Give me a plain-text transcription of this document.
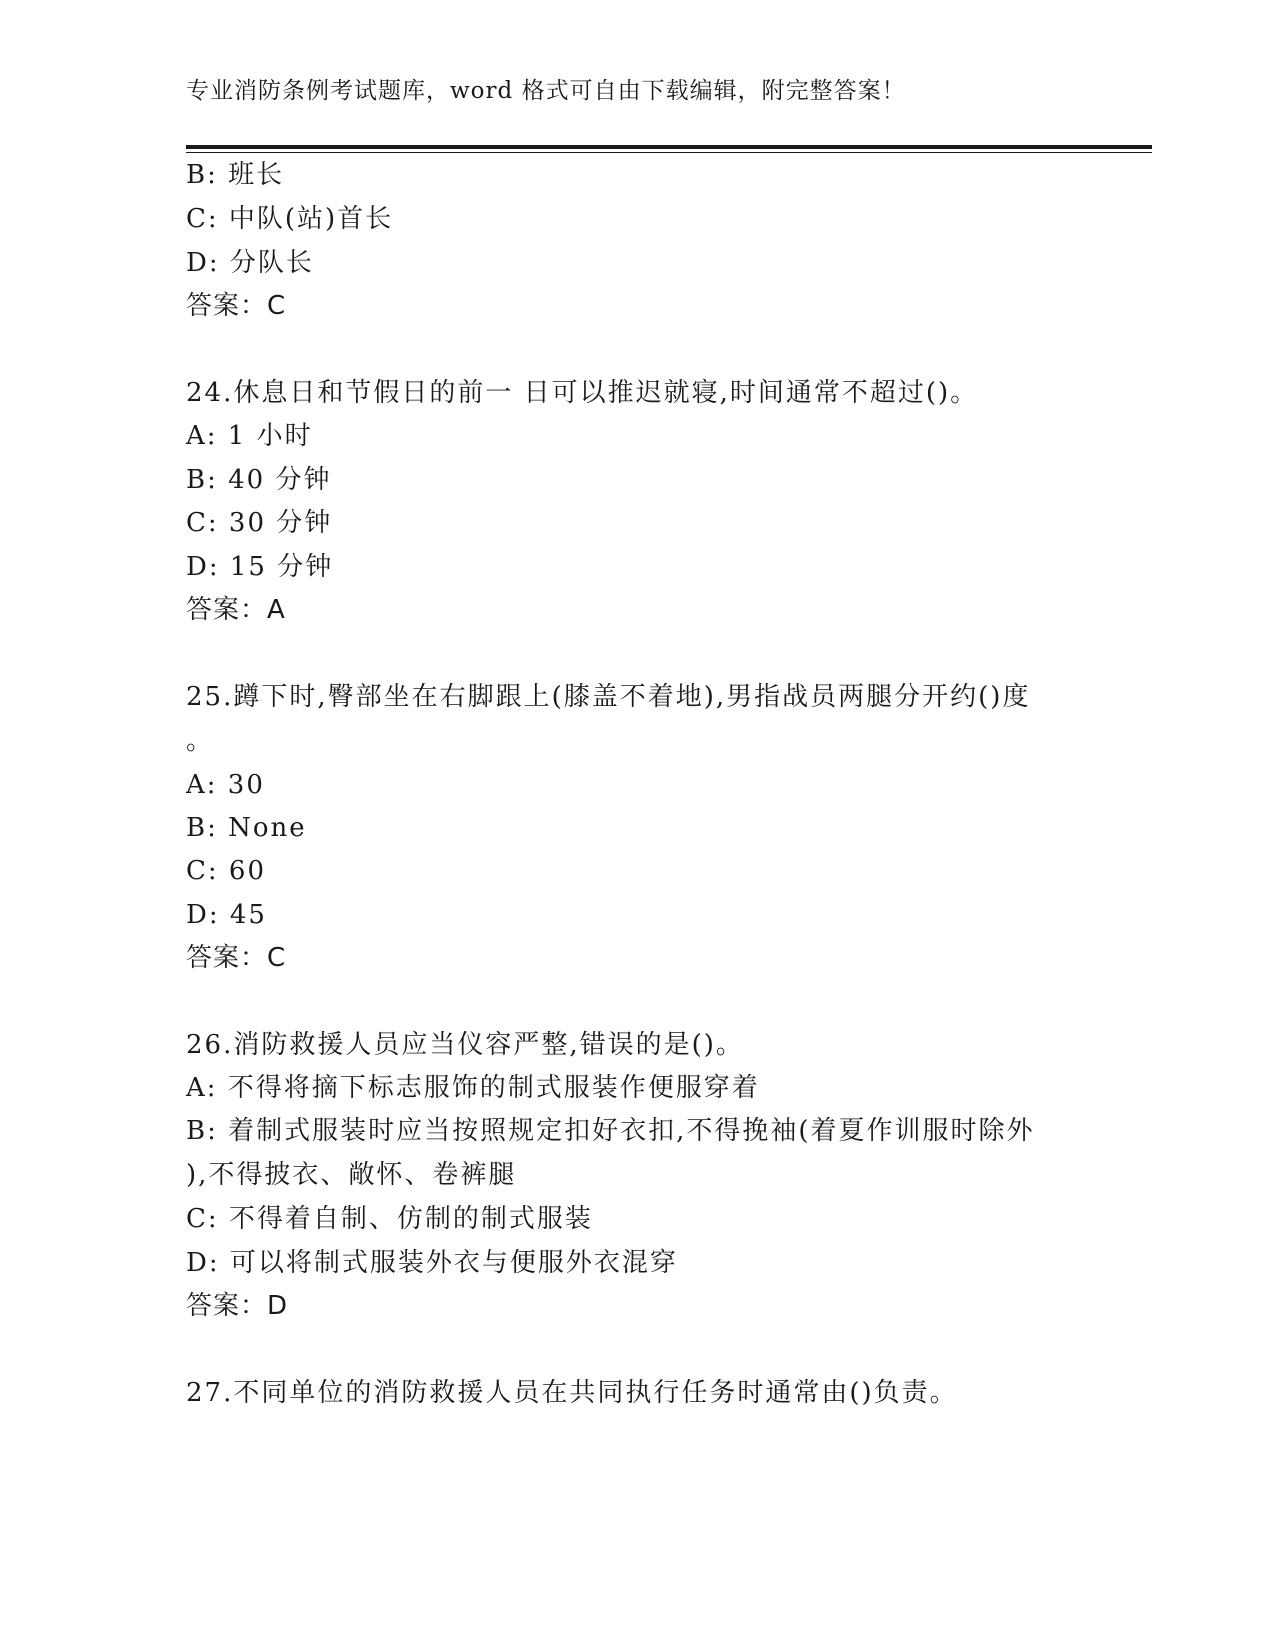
专业消防条例考试题库，word 格式可自由下载编辑，附完整答案！
B: 班长
C: 中队(站)首长
D: 分队长
答案：C
24.休息日和节假日的前一 日可以推迟就寝,时间通常不超过()。
A: 1 小时
B: 40 分钟
C: 30 分钟
D: 15 分钟
答案：A
25.蹲下时,臀部坐在右脚跟上(膝盖不着地),男指战员两腿分开约()度
。
A: 30
B: None
C: 60
D: 45
答案：C
26.消防救援人员应当仪容严整,错误的是()。
A: 不得将摘下标志服饰的制式服装作便服穿着
B: 着制式服装时应当按照规定扣好衣扣,不得挽袖(着夏作训服时除外
),不得披衣、敞怀、卷裤腿
C: 不得着自制、仿制的制式服装
D: 可以将制式服装外衣与便服外衣混穿
答案：D
27.不同单位的消防救援人员在共同执行任务时通常由()负责。
